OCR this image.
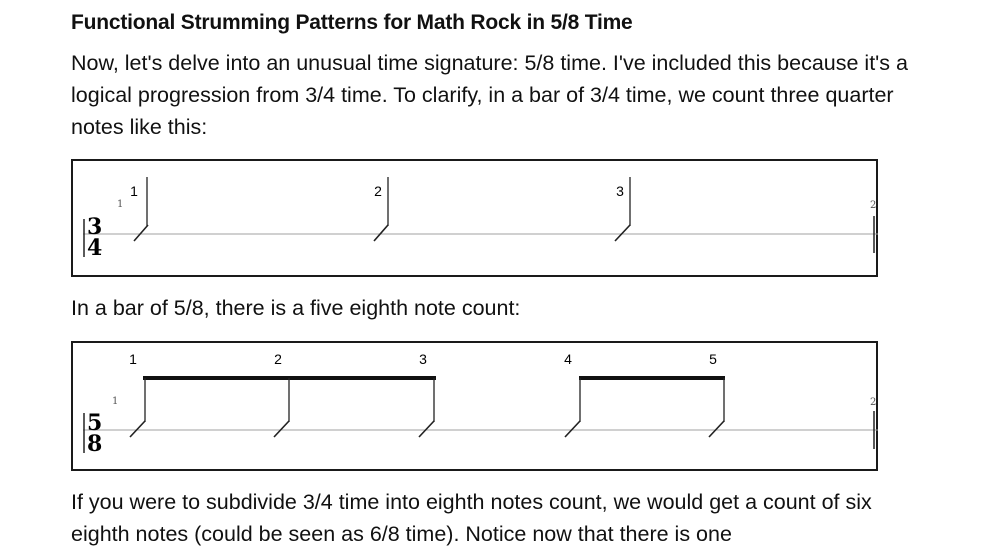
Functional Strumming Patterns for Math Rock in 5/8 Time

Now, let's delve into an unusual time signature: 5/8 time. I've included this because it's a logical progression from 3/4 time. To clarify, in a bar of 3/4 time, we count three quarter notes like this:

3
4
1	2
1	2	3

In a bar of 5/8, there is a five eighth note count:

5
8
1	2
1	2	3	4	5

If you were to subdivide 3/4 time into eighth notes count, we would get a count of six eighth notes (could be seen as 6/8 time). Notice now that there is one
